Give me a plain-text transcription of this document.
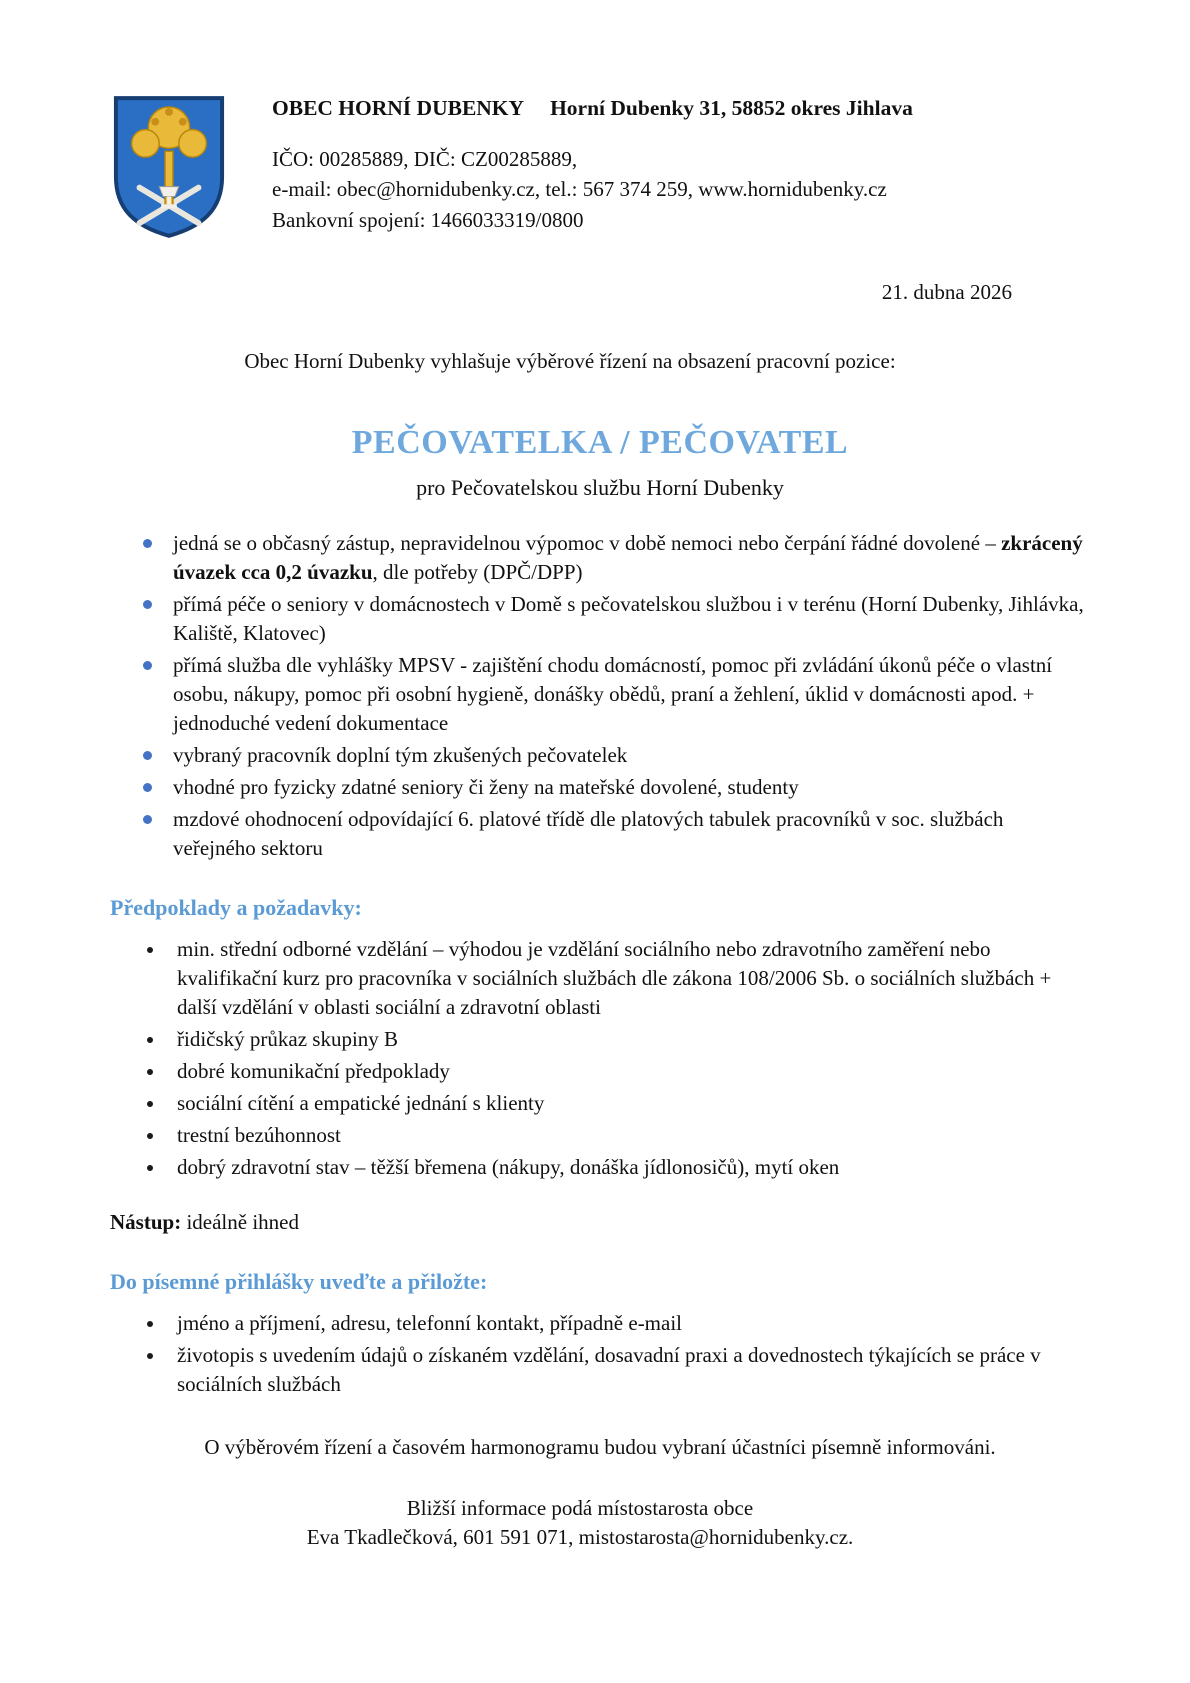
OBEC HORNÍ DUBENKY Horní Dubenky 31, 58852 okres Jihlava
IČO: 00285889, DIČ: CZ00285889,
e-mail: obec@hornidubenky.cz, tel.: 567 374 259, www.hornidubenky.cz
Bankovní spojení: 1466033319/0800
21. dubna 2026
Obec Horní Dubenky vyhlašuje výběrové řízení na obsazení pracovní pozice:
PEČOVATELKA / PEČOVATEL
pro Pečovatelskou službu Horní Dubenky
jedná se o občasný zástup, nepravidelnou výpomoc v době nemoci nebo čerpání řádné dovolené – zkrácený úvazek cca 0,2 úvazku, dle potřeby (DPČ/DPP)
přímá péče o seniory v domácnostech v Domě s pečovatelskou službou i v terénu (Horní Dubenky, Jihlávka, Kaliště, Klatovec)
přímá služba dle vyhlášky MPSV - zajištění chodu domácností, pomoc při zvládání úkonů péče o vlastní osobu, nákupy, pomoc při osobní hygieně, donášky obědů, praní a žehlení, úklid v domácnosti apod. + jednoduché vedení dokumentace
vybraný pracovník doplní tým zkušených pečovatelek
vhodné pro fyzicky zdatné seniory či ženy na mateřské dovolené, studenty
mzdové ohodnocení odpovídající 6. platové třídě dle platových tabulek pracovníků v soc. službách veřejného sektoru
Předpoklady a požadavky:
min. střední odborné vzdělání – výhodou je vzdělání sociálního nebo zdravotního zaměření nebo kvalifikační kurz pro pracovníka v sociálních službách dle zákona 108/2006 Sb. o sociálních službách + další vzdělání v oblasti sociální a zdravotní oblasti
řidičský průkaz skupiny B
dobré komunikační předpoklady
sociální cítění a empatické jednání s klienty
trestní bezúhonnost
dobrý zdravotní stav – těžší břemena (nákupy, donáška jídlonosičů), mytí oken
Nástup: ideálně ihned
Do písemné přihlášky uveďte a přiložte:
jméno a příjmení, adresu, telefonní kontakt, případně e-mail
životopis s uvedením údajů o získaném vzdělání, dosavadní praxi a dovednostech týkajících se práce v sociálních službách
O výběrovém řízení a časovém harmonogramu budou vybraní účastníci písemně informováni.
Bližší informace podá místostarosta obce
Eva Tkadlečková, 601 591 071, mistostarosta@hornidubenky.cz.
